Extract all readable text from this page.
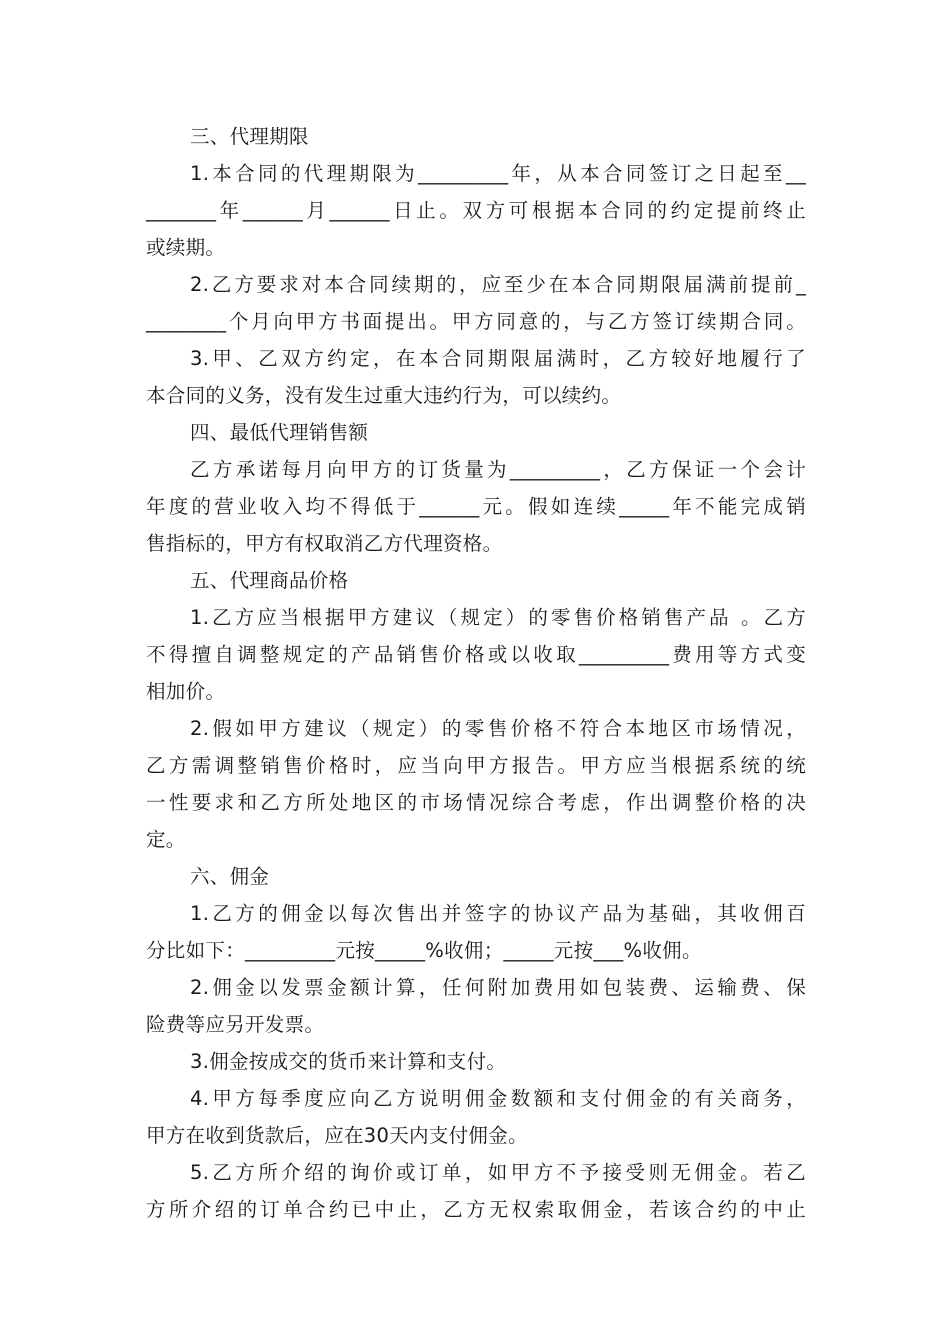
三、代理期限
1.本合同的代理期限为_________年，从本合同签订之日起至__
_______年______月______日止。双方可根据本合同的约定提前终止
或续期。
2.乙方要求对本合同续期的，应至少在本合同期限届满前提前_
________个月向甲方书面提出。甲方同意的，与乙方签订续期合同。
3.甲、乙双方约定，在本合同期限届满时，乙方较好地履行了
本合同的义务，没有发生过重大违约行为，可以续约。
四、最低代理销售额
乙方承诺每月向甲方的订货量为_________，乙方保证一个会计
年度的营业收入均不得低于______元。假如连续_____年不能完成销
售指标的，甲方有权取消乙方代理资格。
五、代理商品价格
1.乙方应当根据甲方建议（规定）的零售价格销售产品 。乙方
不得擅自调整规定的产品销售价格或以收取_________费用等方式变
相加价。
2.假如甲方建议（规定）的零售价格不符合本地区市场情况，
乙方需调整销售价格时，应当向甲方报告。甲方应当根据系统的统
一性要求和乙方所处地区的市场情况综合考虑，作出调整价格的决
定。
六、佣金
1.乙方的佣金以每次售出并签字的协议产品为基础，其收佣百
分比如下：_________元按_____%收佣；_____元按___%收佣。
2.佣金以发票金额计算，任何附加费用如包装费、运输费、保
险费等应另开发票。
3.佣金按成交的货币来计算和支付。
4.甲方每季度应向乙方说明佣金数额和支付佣金的有关商务，
甲方在收到货款后，应在30天内支付佣金。
5.乙方所介绍的询价或订单，如甲方不予接受则无佣金。若乙
方所介绍的订单合约已中止，乙方无权索取佣金，若该合约的中止
